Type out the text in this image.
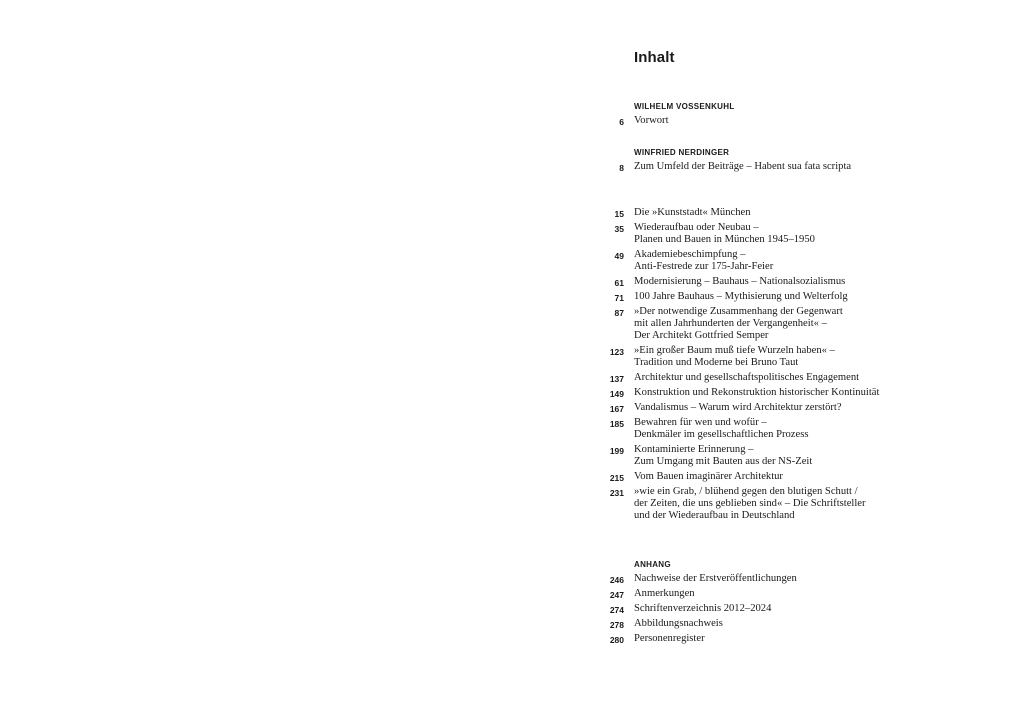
Inhalt
WILHELM VOSSENKUHL
6 Vorwort
WINFRIED NERDINGER
8 Zum Umfeld der Beiträge – Habent sua fata scripta
15 Die »Kunststadt« München
35 Wiederaufbau oder Neubau –
Planen und Bauen in München 1945–1950
49 Akademiebeschimpfung –
Anti-Festrede zur 175-Jahr-Feier
61 Modernisierung – Bauhaus – Nationalsozialismus
71 100 Jahre Bauhaus – Mythisierung und Welterfolg
87 »Der notwendige Zusammenhang der Gegenwart
mit allen Jahrhunderten der Vergangenheit« –
Der Architekt Gottfried Semper
123 »Ein großer Baum muß tiefe Wurzeln haben« –
Tradition und Moderne bei Bruno Taut
137 Architektur und gesellschaftspolitisches Engagement
149 Konstruktion und Rekonstruktion historischer Kontinuität
167 Vandalismus – Warum wird Architektur zerstört?
185 Bewahren für wen und wofür –
Denkmäler im gesellschaftlichen Prozess
199 Kontaminierte Erinnerung –
Zum Umgang mit Bauten aus der NS-Zeit
215 Vom Bauen imaginärer Architektur
231 »wie ein Grab, / blühend gegen den blutigen Schutt /
der Zeiten, die uns geblieben sind« – Die Schriftsteller
und der Wiederaufbau in Deutschland
ANHANG
246 Nachweise der Erstveröffentlichungen
247 Anmerkungen
274 Schriftenverzeichnis 2012–2024
278 Abbildungsnachweis
280 Personenregister
